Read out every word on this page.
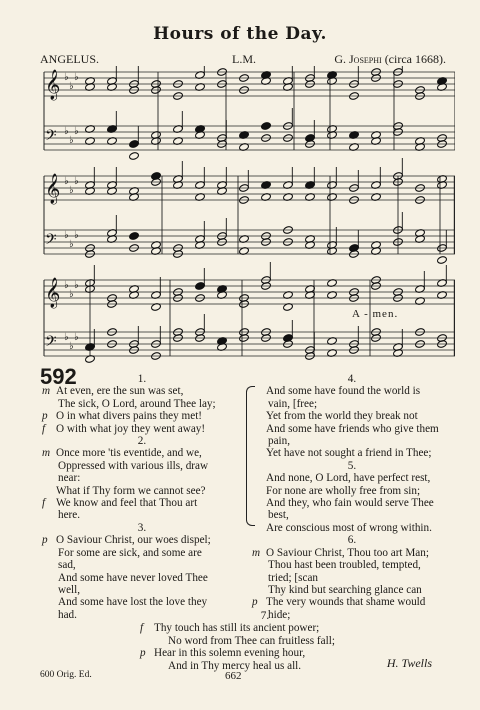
Hours of the Day.
ANGELUS.	L.M.	G. Josephi (circa 1668).
𝄞 ♭
♭
♭
𝄢 ♭
♭
♭
𝄞 ♭
♭
♭
𝄢 ♭
♭
♭
𝄞 ♭
♭
♭
𝄢 ♭
♭
♭
A - men.
592	1.
m At even, ere the sun was set,
The sick, O Lord, around Thee lay;
p O in what divers pains they met!
f O with what joy they went away!
2.
m Once more 'tis eventide, and we,
Oppressed with various ills, draw
near:
What if Thy form we cannot see?
f We know and feel that Thou art
here.
3.
p O Saviour Christ, our woes dispel;
For some are sick, and some are
sad,
And some have never loved Thee
well,
And some have lost the love they
had.
4.
And some have found the world is
vain, [free;
Yet from the world they break not
And some have friends who give them
pain,
Yet have not sought a friend in Thee;
5.
And none, O Lord, have perfect rest,
For none are wholly free from sin;
And they, who fain would serve Thee
best,
Are conscious most of wrong within.
6.
m O Saviour Christ, Thou too art Man;
Thou hast been troubled, tempted,
tried; [scan
Thy kind but searching glance can
p The very wounds that shame would
hide;
7.
f Thy touch has still its ancient power;
No word from Thee can fruitless fall;
p Hear in this solemn evening hour,
And in Thy mercy heal us all.	H. Twells
600 Orig. Ed.	662
